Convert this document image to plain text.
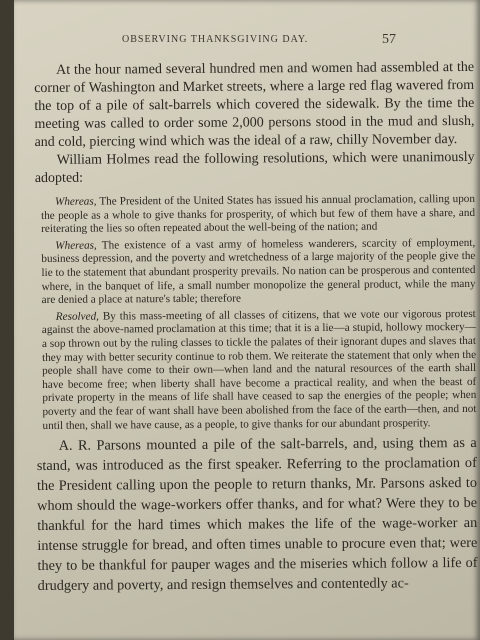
OBSERVING THANKSGIVING DAY.	57

At the hour named several hundred men and women had assembled at the corner of Washington and Market streets, where a large red flag wavered from the top of a pile of salt-barrels which covered the sidewalk. By the time the meeting was called to order some 2,000 persons stood in the mud and slush, and cold, piercing wind which was the ideal of a raw, chilly November day.

William Holmes read the following resolutions, which were unanimously adopted:

Whereas, The President of the United States has issued his annual proclamation, calling upon the people as a whole to give thanks for prosperity, of which but few of them have a share, and reiterating the lies so often repeated about the well-being of the nation; and

Whereas, The existence of a vast army of homeless wanderers, scarcity of employment, business depression, and the poverty and wretchedness of a large majority of the people give the lie to the statement that abundant prosperity prevails. No nation can be prosperous and contented where, in the banquet of life, a small number monopolize the general product, while the many are denied a place at nature's table; therefore

Resolved, By this mass-meeting of all classes of citizens, that we vote our vigorous protest against the above-named proclamation at this time; that it is a lie—a stupid, hollowy mockery—a sop thrown out by the ruling classes to tickle the palates of their ignorant dupes and slaves that they may with better security continue to rob them. We reiterate the statement that only when the people shall have come to their own—when land and the natural resources of the earth shall have become free; when liberty shall have become a practical reality, and when the beast of private property in the means of life shall have ceased to sap the energies of the people; when poverty and the fear of want shall have been abolished from the face of the earth—then, and not until then, shall we have cause, as a people, to give thanks for our abundant prosperity.

A. R. Parsons mounted a pile of the salt-barrels, and, using them as a stand, was introduced as the first speaker. Referring to the proclamation of the President calling upon the people to return thanks, Mr. Parsons asked to whom should the wage-workers offer thanks, and for what? Were they to be thankful for the hard times which makes the life of the wage-worker an intense struggle for bread, and often times unable to procure even that; were they to be thankful for pauper wages and the miseries which follow a life of drudgery and poverty, and resign themselves and contentedly ac-
